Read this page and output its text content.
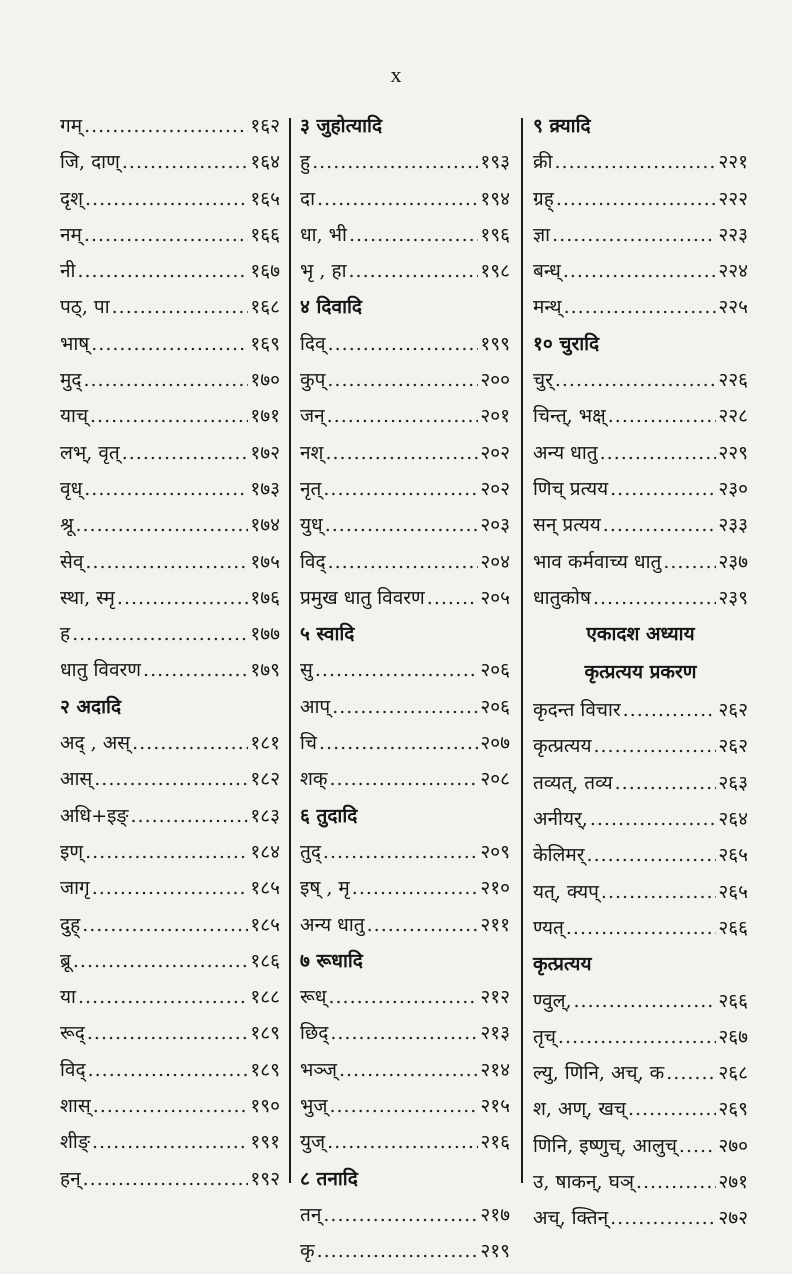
x
गम् .....	१६२
जि, दाण् .....	१६४
दृश् .....	१६५
नम् .....	१६६
नी .....	१६७
पठ्, पा .....	१६८
भाष् .....	१६९
मुद् .....	१७०
याच् .....	१७१
लभ्, वृत् .....	१७२
वृध् .....	१७३
श्रू .....	१७४
सेव् .....	१७५
स्था, स्मृ .....	१७६
ह .....	१७७
धातु विवरण .....	१७९
२ अदादि
अद् , अस् .....	१८१
आस् .....	१८२
अधि+इङ् .....	१८३
इण् .....	१८४
जागृ .....	१८५
दुह् .....	१८५
ब्रू .....	१८६
या .....	१८८
रूद् .....	१८९
विद् .....	१८९
शास् .....	१९०
शीङ् .....	१९१
हन् .....	१९२
३ जुहोत्यादि
हु .....	१९३
दा .....	१९४
धा, भी .....	१९६
भृ , हा .....	१९८
४ दिवादि
दिव् .....	१९९
कुप् .....	२००
जन् .....	२०१
नश् .....	२०२
नृत् .....	२०२
युध् .....	२०३
विद् .....	२०४
प्रमुख धातु विवरण .....	२०५
५ स्वादि
सु .....	२०६
आप् .....	२०६
चि .....	२०७
शक् .....	२०८
६ तुदादि
तुद् .....	२०९
इष् , मृ .....	२१०
अन्य धातु .....	२११
७ रूधादि
रूध् .....	२१२
छिद् .....	२१३
भञ्ज् .....	२१४
भुज् .....	२१५
युज् .....	२१६
८ तनादि
तन् .....	२१७
कृ .....	२१९
९ क्र्यादि
क्री .....	२२१
ग्रह् .....	२२२
ज्ञा .....	२२३
बन्ध् .....	२२४
मन्थ् .....	२२५
१० चुरादि
चुर् .....	२२६
चिन्त्, भक्ष् .....	२२८
अन्य धातु .....	२२९
णिच् प्रत्यय .....	२३०
सन् प्रत्यय .....	२३३
भाव कर्मवाच्य धातु .....	२३७
धातुकोष .....	२३९
एकादश अध्याय
कृत्प्रत्यय प्रकरण
कृदन्त विचार .....	२६२
कृत्प्रत्यय .....	२६२
तव्यत्, तव्य .....	२६३
अनीयर्, .....	२६४
केलिमर् .....	२६५
यत्, क्यप् .....	२६५
ण्यत् .....	२६६
कृत्प्रत्यय
ण्वुल्, .....	२६६
तृच् .....	२६७
ल्यु, णिनि, अच्, क .....	२६८
श, अण्, खच् .....	२६९
णिनि, इष्णुच्, आलुच् ..... २७०
उ, षाकन्, घञ् .....	२७१
अच्, क्तिन् .....	२७२
